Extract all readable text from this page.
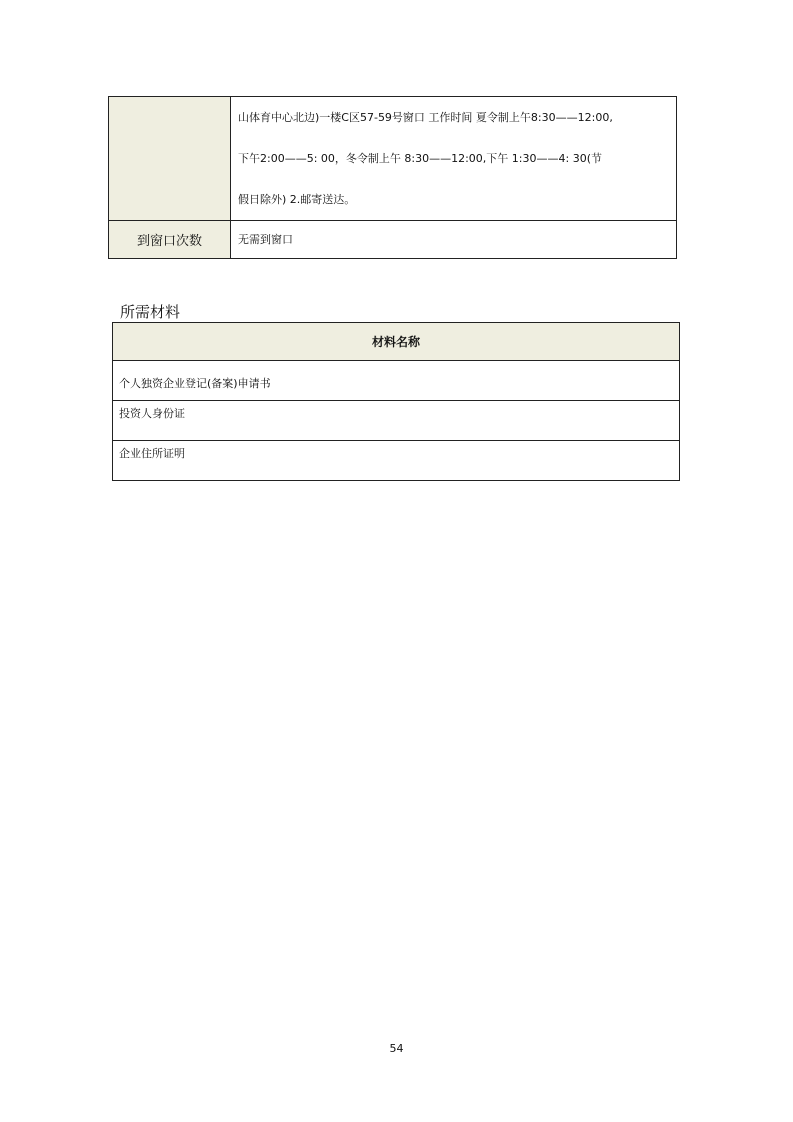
	山体育中心北边)一楼C区57-59号窗口 工作时间 夏令制上午8:30——12:00,
下午2:00——5: 00，冬令制上午 8:30——12:00,下午 1:30——4: 30(节
假日除外) 2.邮寄送达。

到窗口次数	无需到窗口
所需材料
材料名称
个人独资企业登记(备案)申请书
投资人身份证
企业住所证明
54
